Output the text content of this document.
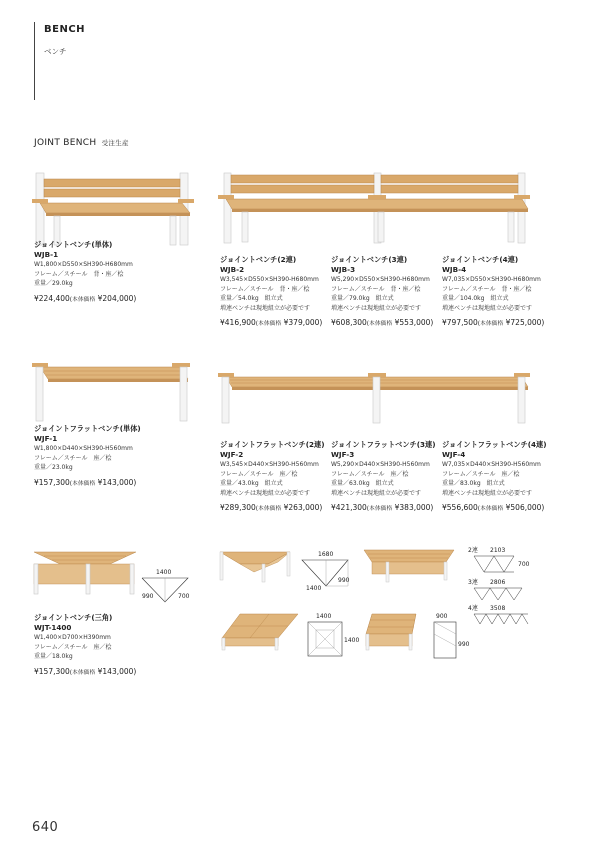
BENCH
ベンチ
JOINT BENCH 受注生産
ジョイントベンチ(単体)
WJB-1
W1,800×D550×SH390-H680mm
フレーム／スチール　背・座／桧
重量／29.0kg
¥224,400(本体価格 ¥204,000)
ジョイントベンチ(2連)
WJB-2
W3,545×D550×SH390-H680mm
フレーム／スチール　背・座／桧
重量／54.0kg　組立式
増連ベンチは現地組立が必要です
¥416,900(本体価格 ¥379,000)
ジョイントベンチ(3連)
WJB-3
W5,290×D550×SH390-H680mm
フレーム／スチール　背・座／桧
重量／79.0kg　組立式
増連ベンチは現地組立が必要です
¥608,300(本体価格 ¥553,000)
ジョイントベンチ(4連)
WJB-4
W7,035×D550×SH390-H680mm
フレーム／スチール　背・座／桧
重量／104.0kg　組立式
増連ベンチは現地組立が必要です
¥797,500(本体価格 ¥725,000)
ジョイントフラットベンチ(単体)
WJF-1
W1,800×D440×SH390-H560mm
フレーム／スチール　座／桧
重量／23.0kg
¥157,300(本体価格 ¥143,000)
ジョイントフラットベンチ(2連)
WJF-2
W3,545×D440×SH390-H560mm
フレーム／スチール　座／桧
重量／43.0kg　組立式
増連ベンチは現地組立が必要です
¥289,300(本体価格 ¥263,000)
ジョイントフラットベンチ(3連)
WJF-3
W5,290×D440×SH390-H560mm
フレーム／スチール　座／桧
重量／63.0kg　組立式
増連ベンチは現地組立が必要です
¥421,300(本体価格 ¥383,000)
ジョイントフラットベンチ(4連)
WJF-4
W7,035×D440×SH390-H560mm
フレーム／スチール　座／桧
重量／83.0kg　組立式
増連ベンチは現地組立が必要です
¥556,600(本体価格 ¥506,000)
1400
990	700
ジョイントベンチ(三角)
WJT-1400
W1,400×D700×H390mm
フレーム／スチール　座／桧
重量／18.0kg
¥157,300(本体価格 ¥143,000)
1680
1400
990
2連 2103
700
3連 2806
4連 3508
1400
1400
900
990
640
